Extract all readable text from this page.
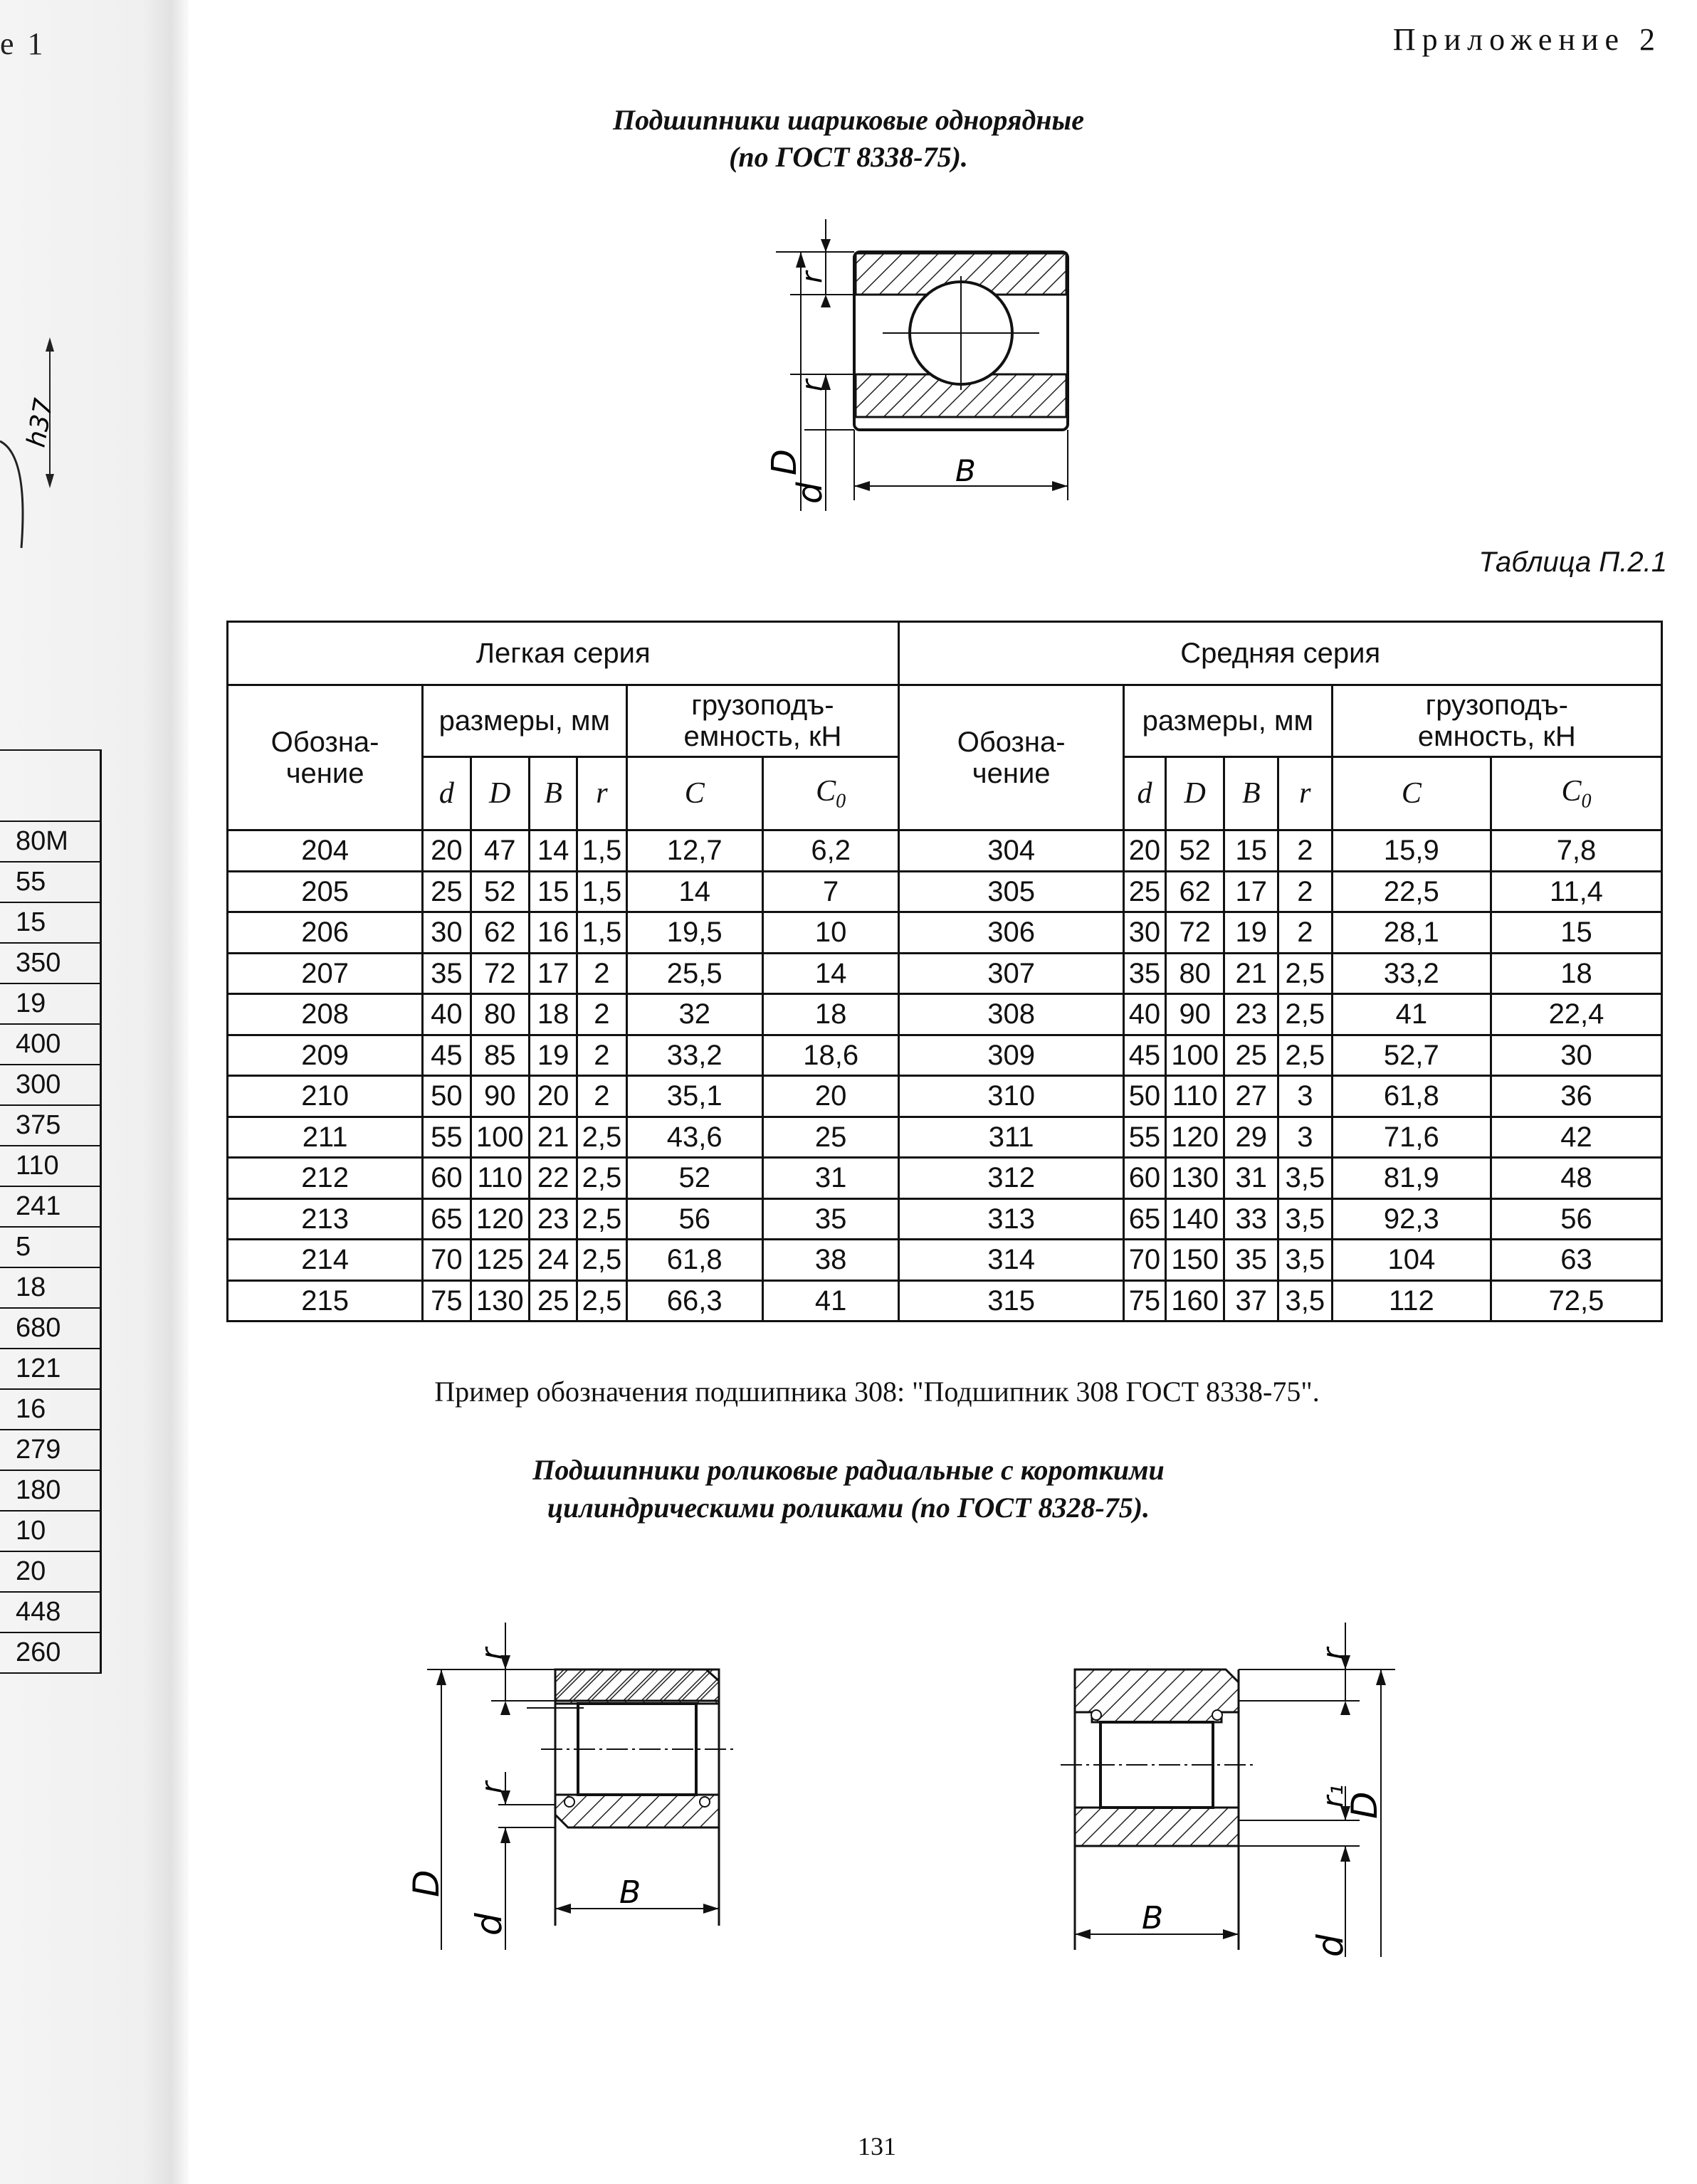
е 1
h37

80M
55
15
350
19
400
300
375
110
241
5
18
680
121
16
279
180
10
20
448
260
Приложение 2
Подшипники шариковые однорядные
(по ГОСТ 8338-75).
B
r
r
D
d
Таблица П.2.1
Легкая серия							Средняя серия						
Обозна-
чение	размеры, мм				грузоподъ-
емность, кН		Обозна-
чение	размеры, мм				грузоподъ-
емность, кН	
	d	D	B	r	C	$C_0$		d	D	B	r	C	$C_0$
204	20	47	14	1,5	12,7	6,2	304	20	52	15	2	15,9	7,8
205	25	52	15	1,5	14	7	305	25	62	17	2	22,5	11,4
206	30	62	16	1,5	19,5	10	306	30	72	19	2	28,1	15
207	35	72	17	2	25,5	14	307	35	80	21	2,5	33,2	18
208	40	80	18	2	32	18	308	40	90	23	2,5	41	22,4
209	45	85	19	2	33,2	18,6	309	45	100	25	2,5	52,7	30
210	50	90	20	2	35,1	20	310	50	110	27	3	61,8	36
211	55	100	21	2,5	43,6	25	311	55	120	29	3	71,6	42
212	60	110	22	2,5	52	31	312	60	130	31	3,5	81,9	48
213	65	120	23	2,5	56	35	313	65	140	33	3,5	92,3	56
214	70	125	24	2,5	61,8	38	314	70	150	35	3,5	104	63
215	75	130	25	2,5	66,3	41	315	75	160	37	3,5	112	72,5
Пример обозначения подшипника 308: "Подшипник 308 ГОСТ 8338-75".
Подшипники роликовые радиальные с короткими
цилиндрическими роликами (по ГОСТ 8328-75).
B
r
r
D
d	B
r
r₁
D
d
131
